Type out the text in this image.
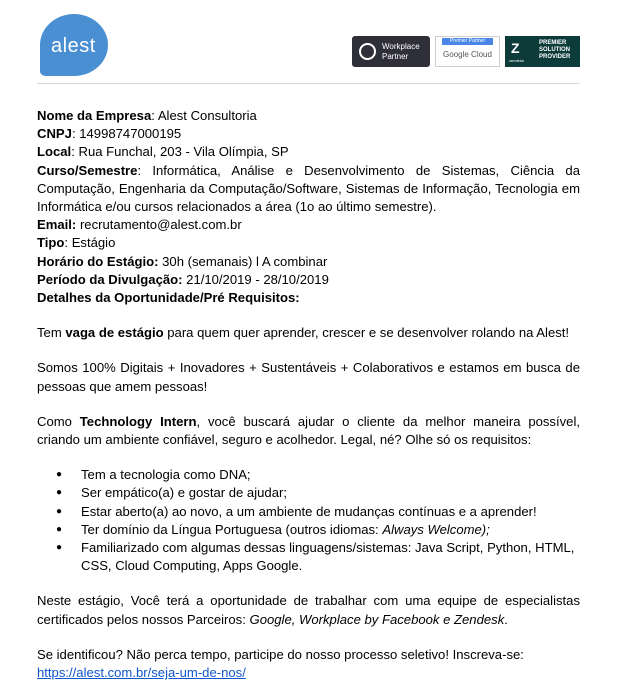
alest	Workplace
Partner
Premier Partner
Google Cloud	Z
zendesk
PREMIER
SOLUTION
PROVIDER

Nome da Empresa: Alest Consultoria

CNPJ: 14998747000195

Local: Rua Funchal, 203 - Vila Olímpia, SP

Curso/Semestre: Informática, Análise e Desenvolvimento de Sistemas, Ciência da Computação, Engenharia da Computação/Software, Sistemas de Informação, Tecnologia em Informática e/ou cursos relacionados a área (1o ao último semestre).

Email: recrutamento@alest.com.br

Tipo: Estágio

Horário do Estágio: 30h (semanais) l A combinar

Período da Divulgação: 21/10/2019 - 28/10/2019

Detalhes da Oportunidade/Pré Requisitos:

Tem vaga de estágio para quem quer aprender, crescer e se desenvolver rolando na Alest!

Somos 100% Digitais + Inovadores + Sustentáveis + Colaborativos e estamos em busca de pessoas que amem pessoas!

Como Technology Intern, você buscará ajudar o cliente da melhor maneira possível, criando um ambiente confiável, seguro e acolhedor. Legal, né? Olhe só os requisitos:

● Tem a tecnologia como DNA;
● Ser empático(a) e gostar de ajudar;
● Estar aberto(a) ao novo, a um ambiente de mudanças contínuas e a aprender!
● Ter domínio da Língua Portuguesa (outros idiomas: Always Welcome);
● Familiarizado com algumas dessas linguagens/sistemas: Java Script, Python, HTML, CSS, Cloud Computing, Apps Google.

Neste estágio, Você terá a oportunidade de trabalhar com uma equipe de especialistas certificados pelos nossos Parceiros: Google, Workplace by Facebook e Zendesk.

Se identificou? Não perca tempo, participe do nosso processo seletivo! Inscreva-se:

https://alest.com.br/seja-um-de-nos/
